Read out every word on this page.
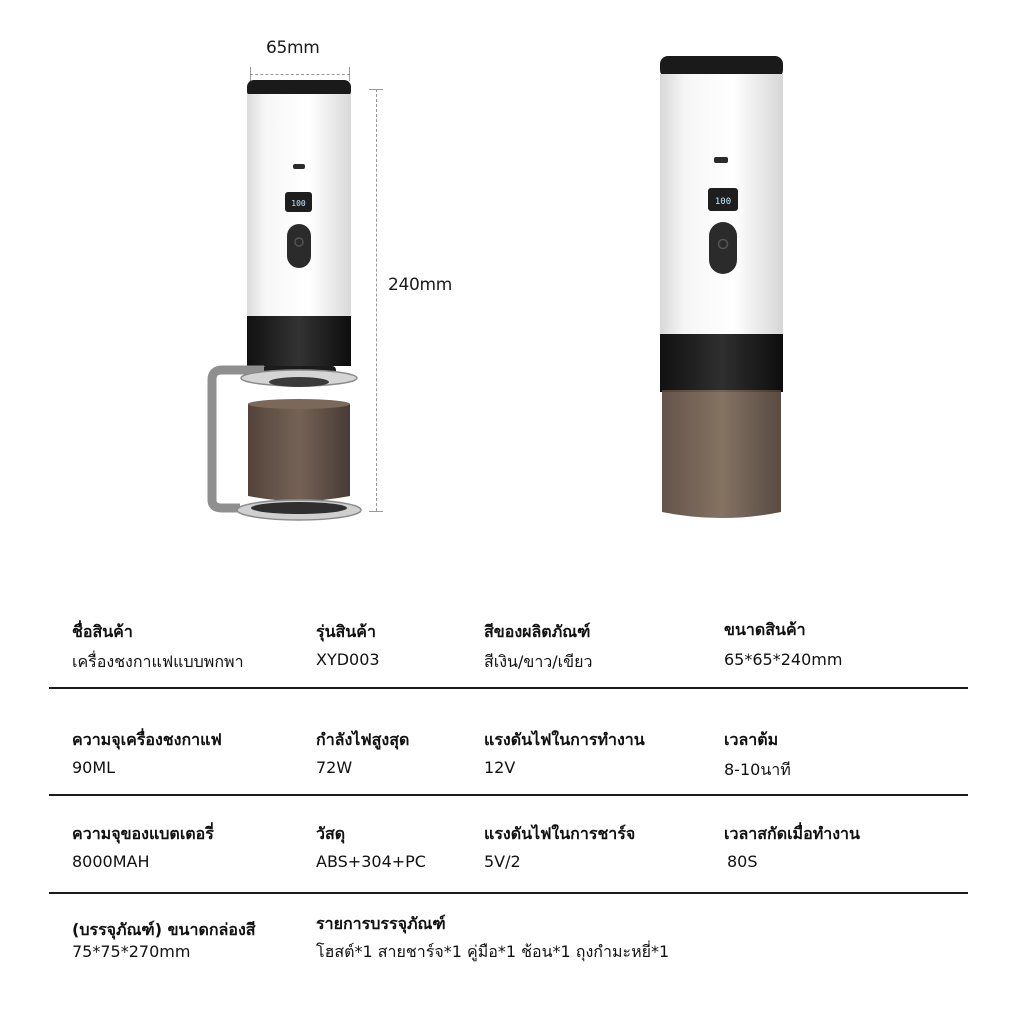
65mm
240mm
100	100
ชื่อสินค้า
เครื่องชงกาแฟแบบพกพา
รุ่นสินค้า
XYD003
สีของผลิตภัณฑ์
สีเงิน/ขาว/เขียว
ขนาดสินค้า
65*65*240mm
ความจุเครื่องชงกาแฟ
90ML
กำลังไฟสูงสุด
72W
แรงดันไฟในการทำงาน
12V
เวลาต้ม
8-10นาที
ความจุของแบตเตอรี่
8000MAH
วัสดุ
ABS+304+PC
แรงดันไฟในการชาร์จ
5V/2
เวลาสกัดเมื่อทำงาน
80S
(บรรจุภัณฑ์) ขนาดกล่องสี
75*75*270mm
รายการบรรจุภัณฑ์
โฮสต์*1 สายชาร์จ*1 คู่มือ*1 ช้อน*1 ถุงกำมะหยี่*1
